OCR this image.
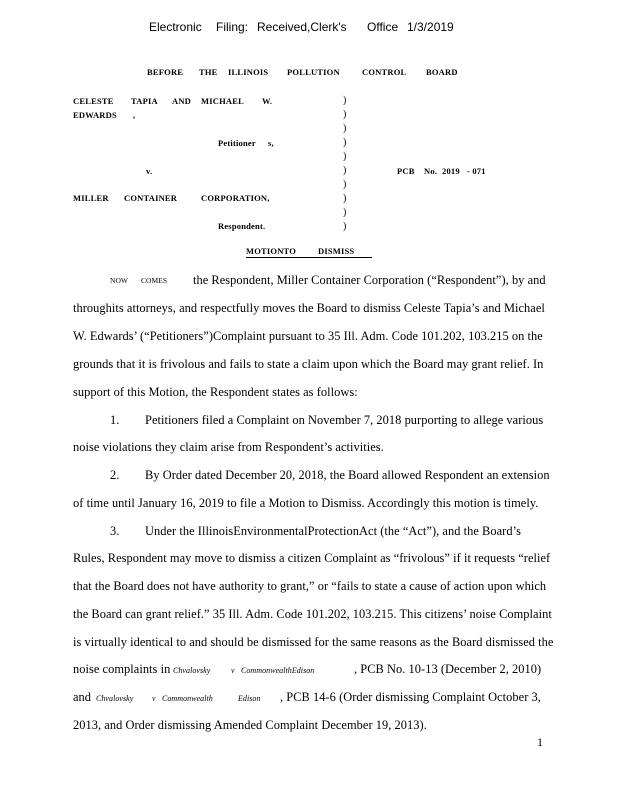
Electronic Filing: Received,Clerk's Office 1/3/2019
BEFORE THE ILLINOIS POLLUTION	CONTROL BOARD
CELESTE TAPIA AND MICHAEL W.
EDWARDS ,
Petitioner s,
v.
MILLER CONTAINER	CORPORATION,
Respondent.
PCB No. 2019 - 071
)
)
)
)
)
)
)
)
)
)
MOTIONTO	DISMISS
NOW COMES the Respondent, Miller Container Corporation (“Respondent”), by and
throughits attorneys, and respectfully moves the Board to dismiss Celeste Tapia’s and Michael
W. Edwards’ (“Petitioners”)Complaint pursuant to 35 Ill. Adm. Code 101.202, 103.215 on the
grounds that it is frivolous and fails to state a claim upon which the Board may grant relief. In
support of this Motion, the Respondent states as follows:
1. Petitioners filed a Complaint on November 7, 2018 purporting to allege various
noise violations they claim arise from Respondent’s activities.
2. By Order dated December 20, 2018, the Board allowed Respondent an extension
of time until January 16, 2019 to file a Motion to Dismiss. Accordingly this motion is timely.
3. Under the IllinoisEnvironmentalProtectionAct (the “Act”), and the Board’s
Rules, Respondent may move to dismiss a citizen Complaint as “frivolous” if it requests “relief
that the Board does not have authority to grant,” or “fails to state a cause of action upon which
the Board can grant relief.” 35 Ill. Adm. Code 101.202, 103.215. This citizens’ noise Complaint
is virtually identical to and should be dismissed for the same reasons as the Board dismissed the
noise complaints in Chvalovsky	v CommonwealthEdison	, PCB No. 10-13 (December 2, 2010)
and Chvalovsky v Commonwealth	Edison , PCB 14-6 (Order dismissing Complaint October 3,
2013, and Order dismissing Amended Complaint December 19, 2013).
1
